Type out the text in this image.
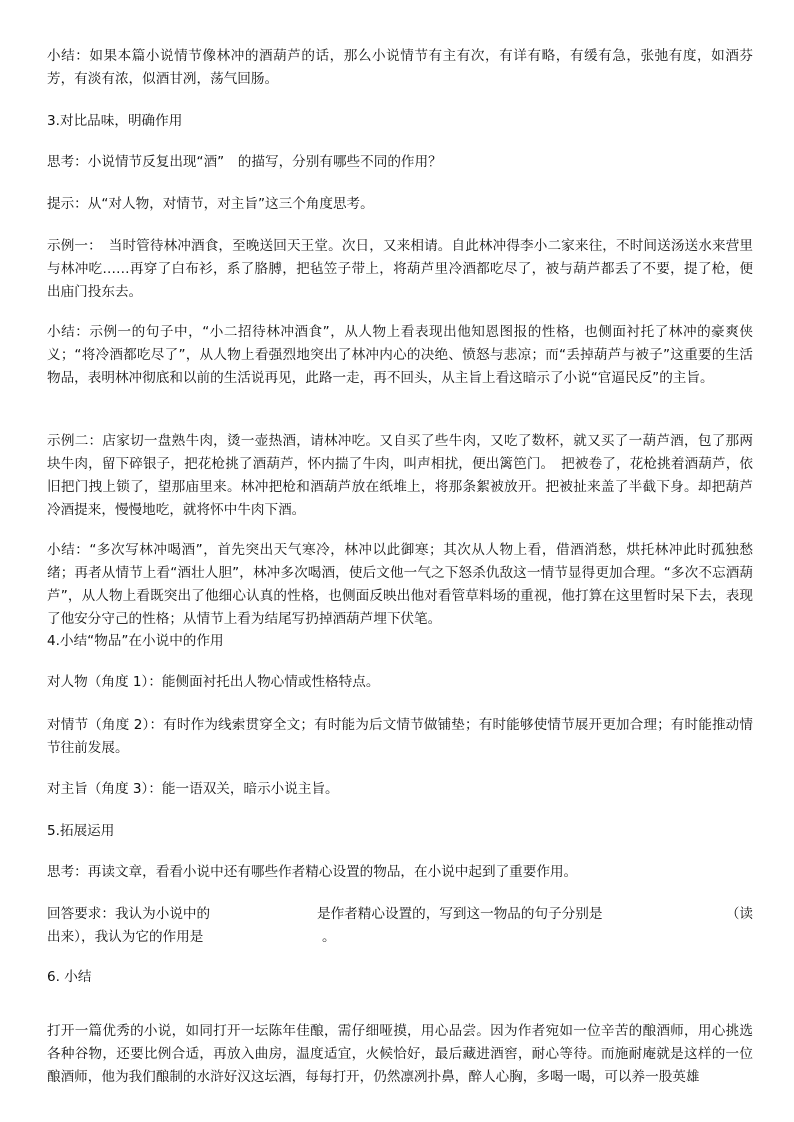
小结：如果本篇小说情节像林冲的酒葫芦的话，那么小说情节有主有次，有详有略，有缓有急，张弛有度，如酒芬芳，有淡有浓，似酒甘冽，荡气回肠。

3.对比品味，明确作用

思考：小说情节反复出现“酒”　的描写，分别有哪些不同的作用？

提示：从“对人物，对情节，对主旨”这三个角度思考。

示例一：　当时管待林冲酒食，至晚送回天王堂。次日，又来相请。自此林冲得李小二家来往，不时间送汤送水来营里与林冲吃……再穿了白布衫，系了胳膊，把毡笠子带上，将葫芦里冷酒都吃尽了，被与葫芦都丢了不要，提了枪，便出庙门投东去。

小结：示例一的句子中，“小二招待林冲酒食”，从人物上看表现出他知恩图报的性格，也侧面衬托了林冲的豪爽侠义；“将冷酒都吃尽了”，从人物上看强烈地突出了林冲内心的决绝、愤怒与悲凉；而“丢掉葫芦与被子”这重要的生活物品，表明林冲彻底和以前的生活说再见，此路一走，再不回头，从主旨上看这暗示了小说“官逼民反”的主旨。

示例二：店家切一盘熟牛肉，烫一壶热酒，请林冲吃。又自买了些牛肉，又吃了数杯，就又买了一葫芦酒，包了那两块牛肉，留下碎银子，把花枪挑了酒葫芦，怀内揣了牛肉，叫声相扰，便出篱笆门。　把被卷了，花枪挑着酒葫芦，依旧把门拽上锁了，望那庙里来。林冲把枪和酒葫芦放在纸堆上，将那条絮被放开。把被扯来盖了半截下身。却把葫芦冷酒提来，慢慢地吃，就将怀中牛肉下酒。

小结：“多次写林冲喝酒”，首先突出天气寒冷，林冲以此御寒；其次从人物上看，借酒消愁，烘托林冲此时孤独愁绪；再者从情节上看“酒壮人胆”，林冲多次喝酒，使后文他一气之下怒杀仇敌这一情节显得更加合理。“多次不忘酒葫芦”，从人物上看既突出了他细心认真的性格，也侧面反映出他对看管草料场的重视，他打算在这里暂时呆下去，表现了他安分守己的性格；从情节上看为结尾写扔掉酒葫芦埋下伏笔。

4.小结“物品”在小说中的作用

对人物（角度 1）：能侧面衬托出人物心情或性格特点。

对情节（角度 2）：有时作为线索贯穿全文；有时能为后文情节做铺垫；有时能够使情节展开更加合理；有时能推动情节往前发展。

对主旨（角度 3）：能一语双关，暗示小说主旨。

5.拓展运用

思考：再读文章，看看小说中还有哪些作者精心设置的物品，在小说中起到了重要作用。

回答要求：我认为小说中的	是作者精心设置的，写到这一物品的句子分别是	（读
出来），我认为它的作用是	。

6. 小结

打开一篇优秀的小说，如同打开一坛陈年佳酿，需仔细哑摸，用心品尝。因为作者宛如一位辛苦的酿酒师，用心挑选各种谷物，还要比例合适，再放入曲房，温度适宜，火候恰好，最后藏进酒窖，耐心等待。而施耐庵就是这样的一位酿酒师，他为我们酿制的水浒好汉这坛酒，每每打开，仍然凛冽扑鼻，醉人心胸，多喝一喝，可以养一股英雄
